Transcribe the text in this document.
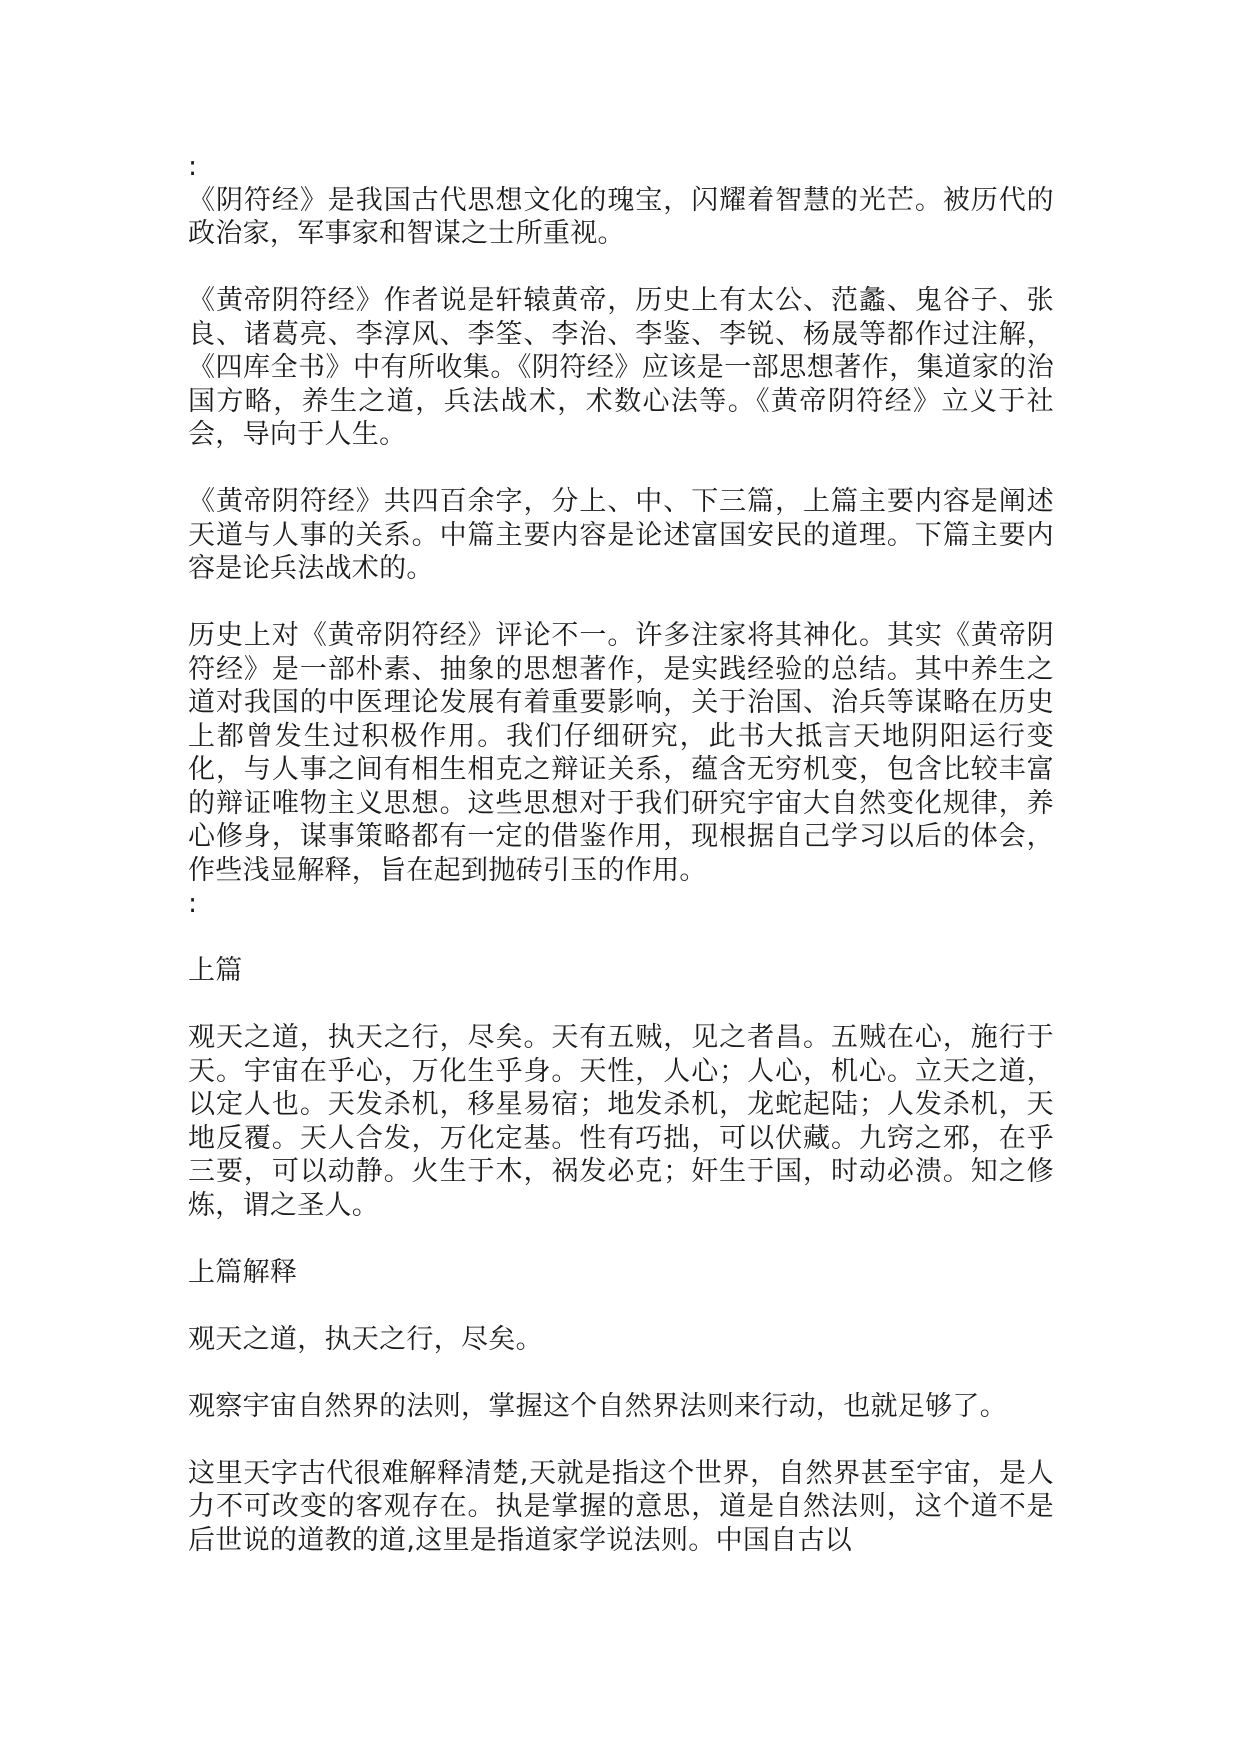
:

《阴符经》是我国古代思想文化的瑰宝，闪耀着智慧的光芒。被历代的政治家，军事家和智谋之士所重视。

《黄帝阴符经》作者说是轩辕黄帝，历史上有太公、范蠡、鬼谷子、张良、诸葛亮、李淳风、李筌、李治、李鉴、李锐、杨晟等都作过注解，《四库全书》中有所收集。《阴符经》应该是一部思想著作，集道家的治国方略，养生之道，兵法战术，术数心法等。《黄帝阴符经》立义于社会，导向于人生。

《黄帝阴符经》共四百余字，分上、中、下三篇，上篇主要内容是阐述天道与人事的关系。中篇主要内容是论述富国安民的道理。下篇主要内容是论兵法战术的。

历史上对《黄帝阴符经》评论不一。许多注家将其神化。其实《黄帝阴符经》是一部朴素、抽象的思想著作，是实践经验的总结。其中养生之道对我国的中医理论发展有着重要影响，关于治国、治兵等谋略在历史上都曾发生过积极作用。我们仔细研究，此书大抵言天地阴阳运行变化，与人事之间有相生相克之辩证关系，蕴含无穷机变，包含比较丰富的辩证唯物主义思想。这些思想对于我们研究宇宙大自然变化规律，养心修身，谋事策略都有一定的借鉴作用，现根据自己学习以后的体会，作些浅显解释，旨在起到抛砖引玉的作用。

:

上篇

观天之道，执天之行，尽矣。天有五贼，见之者昌。五贼在心，施行于天。宇宙在乎心，万化生乎身。天性，人心；人心，机心。立天之道，以定人也。天发杀机，移星易宿；地发杀机，龙蛇起陆；人发杀机，天地反覆。天人合发，万化定基。性有巧拙，可以伏藏。九窍之邪，在乎三要，可以动静。火生于木，祸发必克；奸生于国，时动必溃。知之修炼，谓之圣人。

上篇解释

观天之道，执天之行，尽矣。

观察宇宙自然界的法则，掌握这个自然界法则来行动，也就足够了。

这里天字古代很难解释清楚,天就是指这个世界，自然界甚至宇宙，是人力不可改变的客观存在。执是掌握的意思，道是自然法则，这个道不是后世说的道教的道,这里是指道家学说法则。中国自古以
